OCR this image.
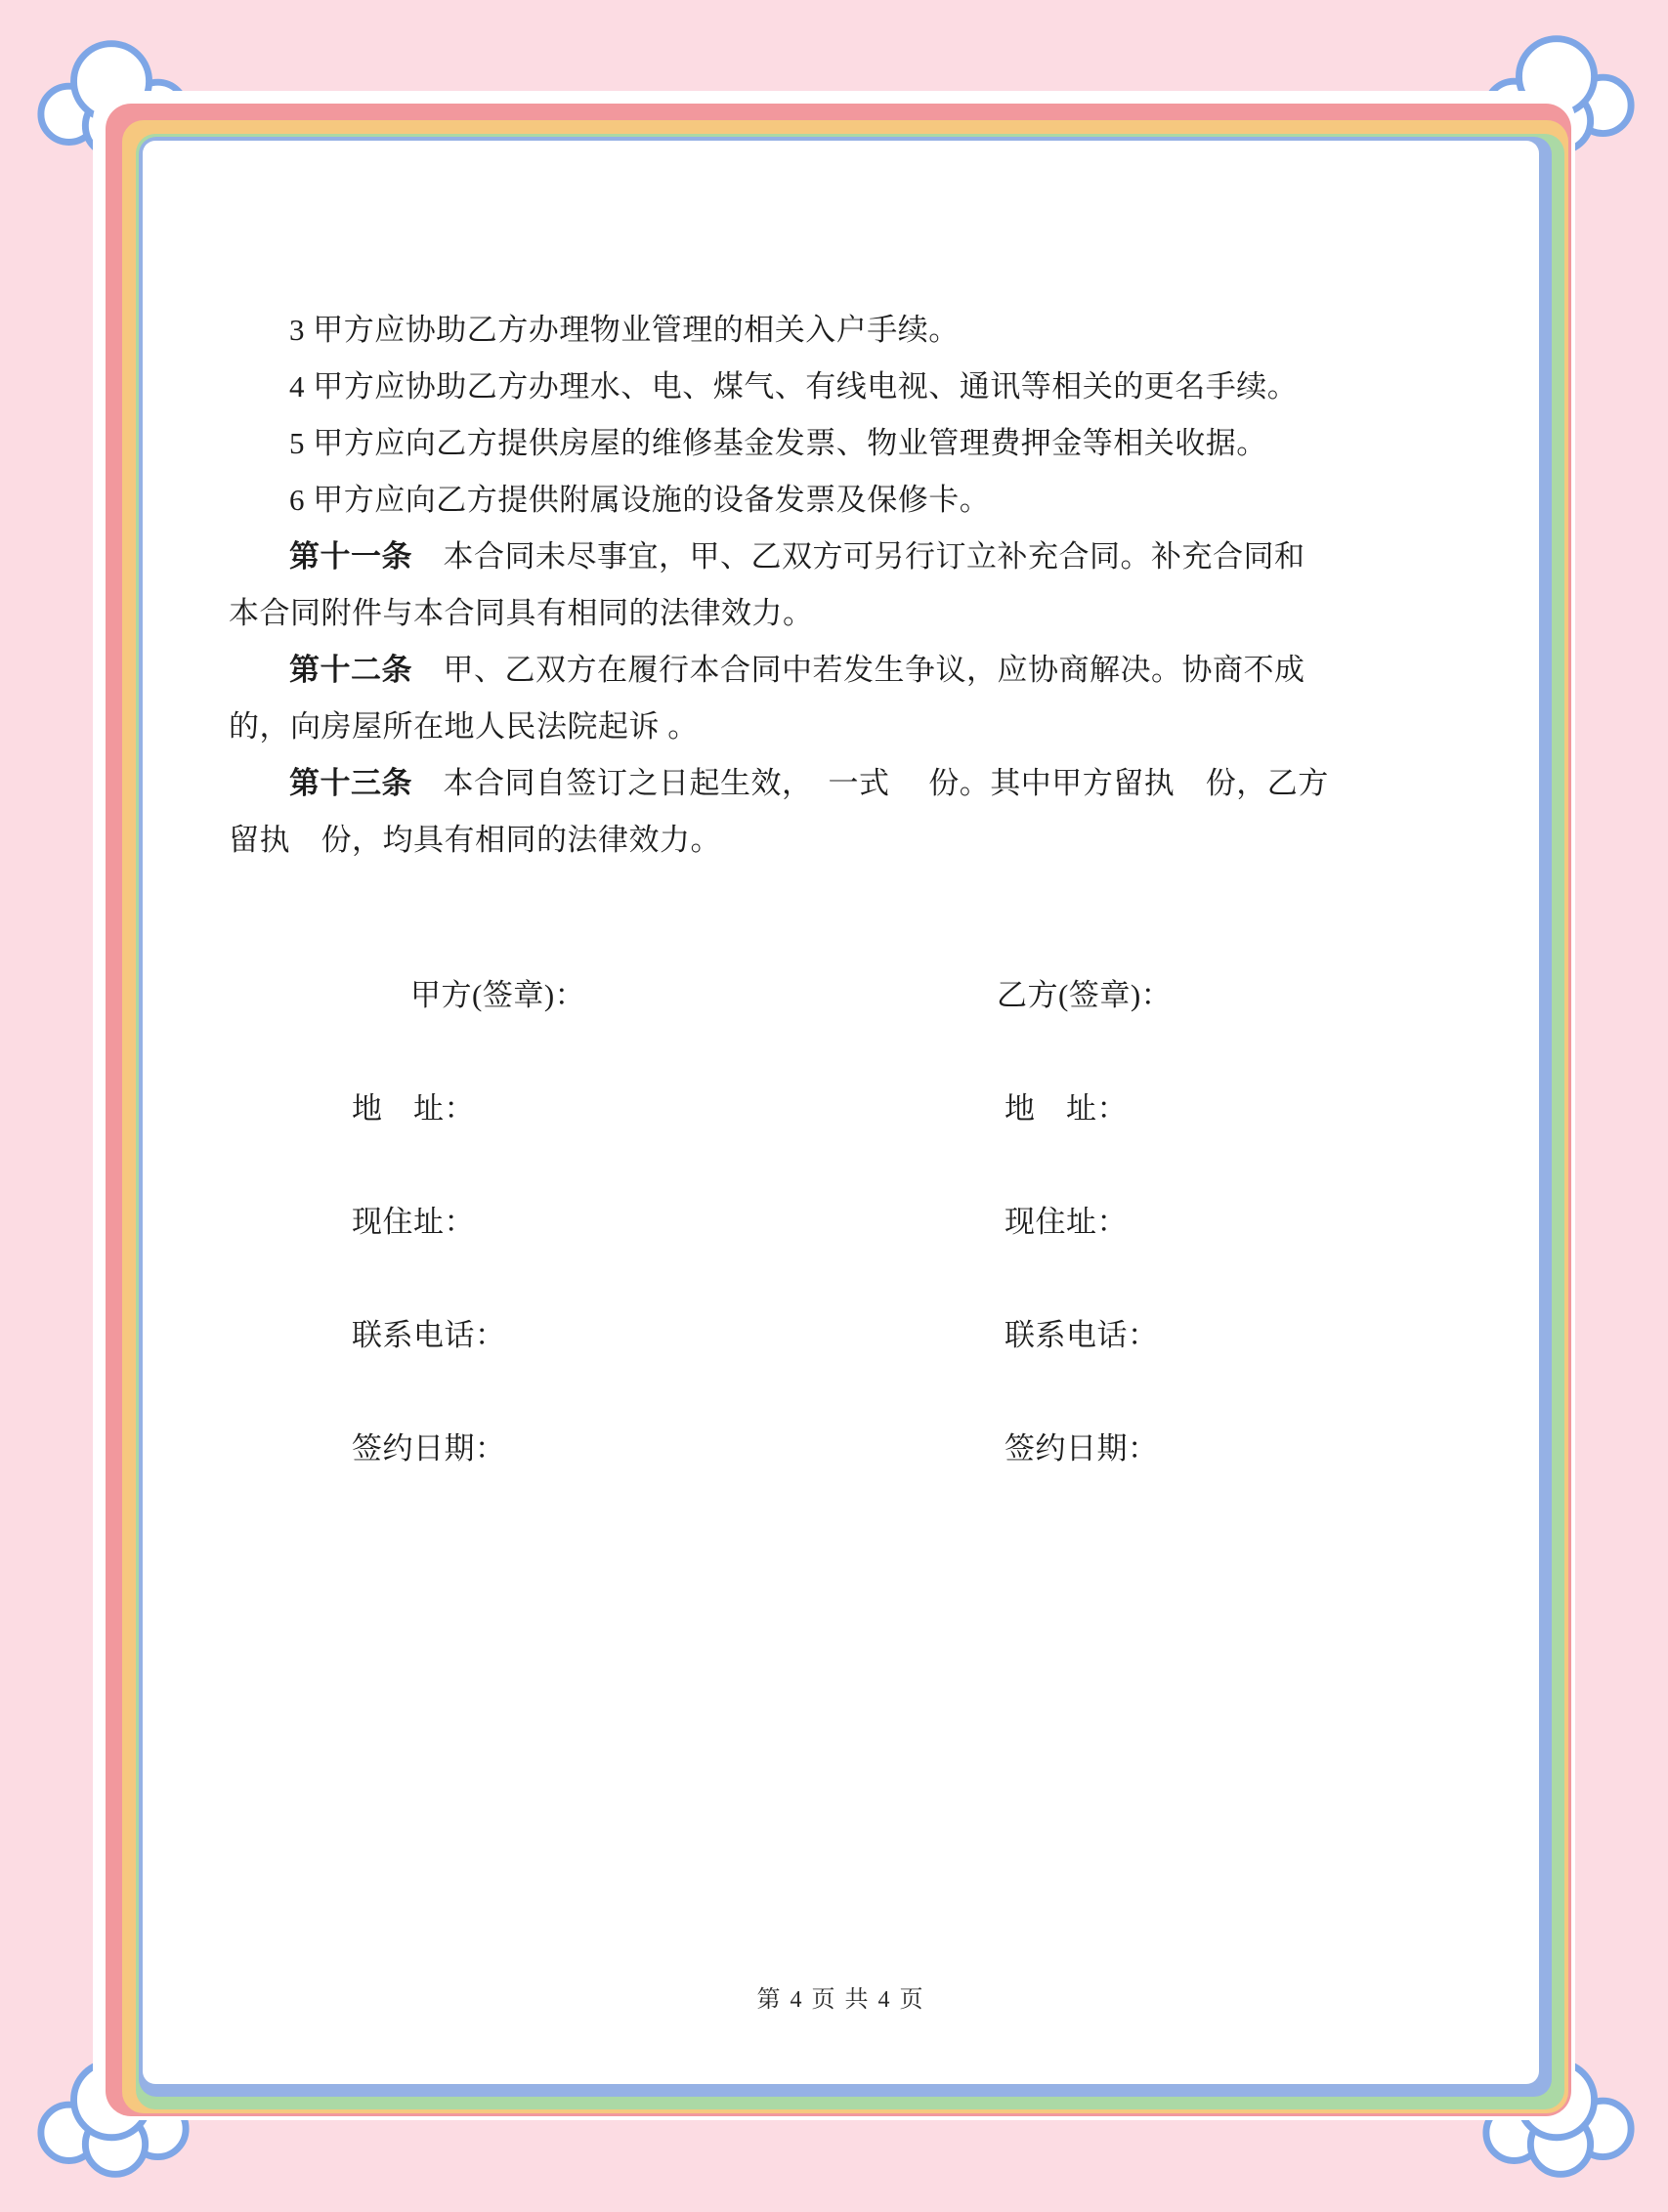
3 甲方应协助乙方办理物业管理的相关入户手续。

4 甲方应协助乙方办理水、电、煤气、有线电视、通讯等相关的更名手续。

5 甲方应向乙方提供房屋的维修基金发票、物业管理费押金等相关收据。

6 甲方应向乙方提供附属设施的设备发票及保修卡。

第十一条　本合同未尽事宜，甲、乙双方可另行订立补充合同。补充合同和本合同附件与本合同具有相同的法律效力。

第十二条　甲、乙双方在履行本合同中若发生争议，应协商解决。协商不成的，向房屋所在地人民法院起诉 。

第十三条　本合同自签订之日起生效，　一式　 份。其中甲方留执　份，乙方留执　份，均具有相同的法律效力。

甲方(签章)：	乙方(签章)：
地　址：	地　址：
现住址：	现住址：
联系电话：	联系电话：
签约日期：	签约日期：
第 4 页 共 4 页
